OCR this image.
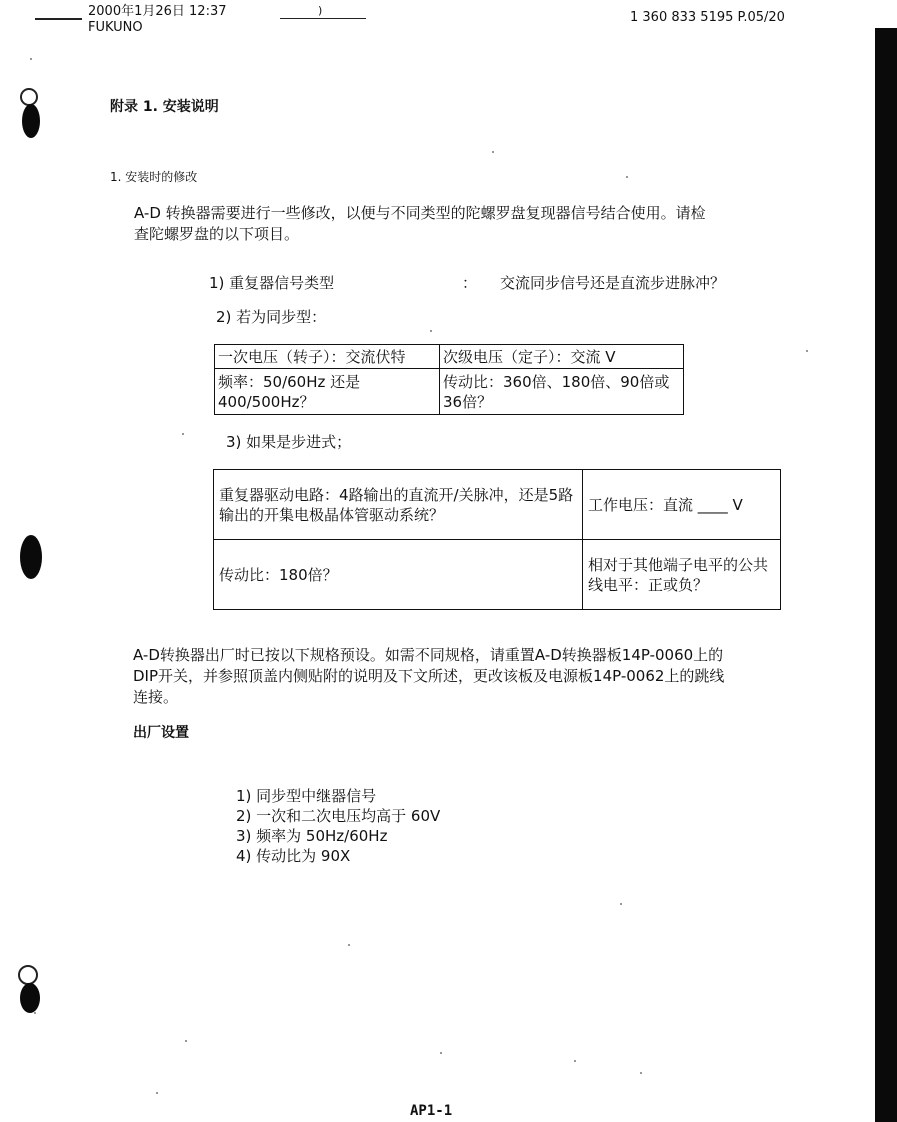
2000年1月26日 12:37
FUKUNO
)	1 360 833 5195 P.05/20
附录 1. 安装说明
1. 安装时的修改
A-D 转换器需要进行一些修改，以便与不同类型的陀螺罗盘复现器信号结合使用。请检
查陀螺罗盘的以下项目。
1) 重复器信号类型	： 交流同步信号还是直流步进脉冲？
2) 若为同步型：
一次电压（转子）：交流伏特	次级电压（定子）：交流 V
频率：50/60Hz 还是400/500Hz？	传动比：360倍、180倍、90倍或36倍？
3) 如果是步进式；
重复器驱动电路：4路输出的直流开/关脉冲，还是5路输出的开集电极晶体管驱动系统？	工作电压：直流 ____ V
传动比：180倍？	相对于其他端子电平的公共线电平：正或负？
A-D转换器出厂时已按以下规格预设。如需不同规格，请重置A-D转换器板14P-0060上的
DIP开关，并参照顶盖内侧贴附的说明及下文所述，更改该板及电源板14P-0062上的跳线
连接。
出厂设置
1) 同步型中继器信号
2) 一次和二次电压均高于 60V
3) 频率为 50Hz/60Hz
4) 传动比为 90X
AP1-1
